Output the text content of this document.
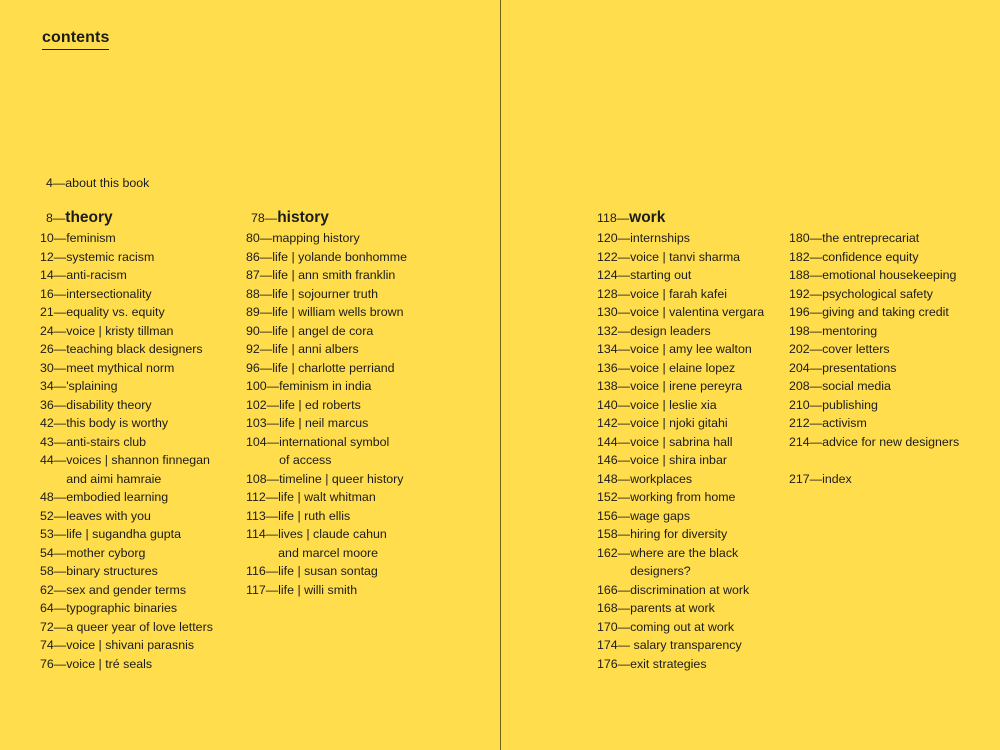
contents
4—about this book
8—theory
10—feminism
12—systemic racism
14—anti-racism
16—intersectionality
21—equality vs. equity
24—voice | kristy tillman
26—teaching black designers
30—meet mythical norm
34—'splaining
36—disability theory
42—this body is worthy
43—anti-stairs club
44—voices | shannon finnegan
and aimi hamraie
48—embodied learning
52—leaves with you
53—life | sugandha gupta
54—mother cyborg
58—binary structures
62—sex and gender terms
64—typographic binaries
72—a queer year of love letters
74—voice | shivani parasnis
76—voice | tré seals
78—history
80—mapping history
86—life | yolande bonhomme
87—life | ann smith franklin
88—life | sojourner truth
89—life | william wells brown
90—life | angel de cora
92—life | anni albers
96—life | charlotte perriand
100—feminism in india
102—life | ed roberts
103—life | neil marcus
104—international symbol
of access
108—timeline | queer history
112—life | walt whitman
113—life | ruth ellis
114—lives | claude cahun
and marcel moore
116—life | susan sontag
117—life | willi smith
118—work
120—internships
122—voice | tanvi sharma
124—starting out
128—voice | farah kafei
130—voice | valentina vergara
132—design leaders
134—voice | amy lee walton
136—voice | elaine lopez
138—voice | irene pereyra
140—voice | leslie xia
142—voice | njoki gitahi
144—voice | sabrina hall
146—voice | shira inbar
148—workplaces
152—working from home
156—wage gaps
158—hiring for diversity
162—where are the black
designers?
166—discrimination at work
168—parents at work
170—coming out at work
174— salary transparency
176—exit strategies
180—the entreprecariat
182—confidence equity
188—emotional housekeeping
192—psychological safety
196—giving and taking credit
198—mentoring
202—cover letters
204—presentations
208—social media
210—publishing
212—activism
214—advice for new designers
217—index
